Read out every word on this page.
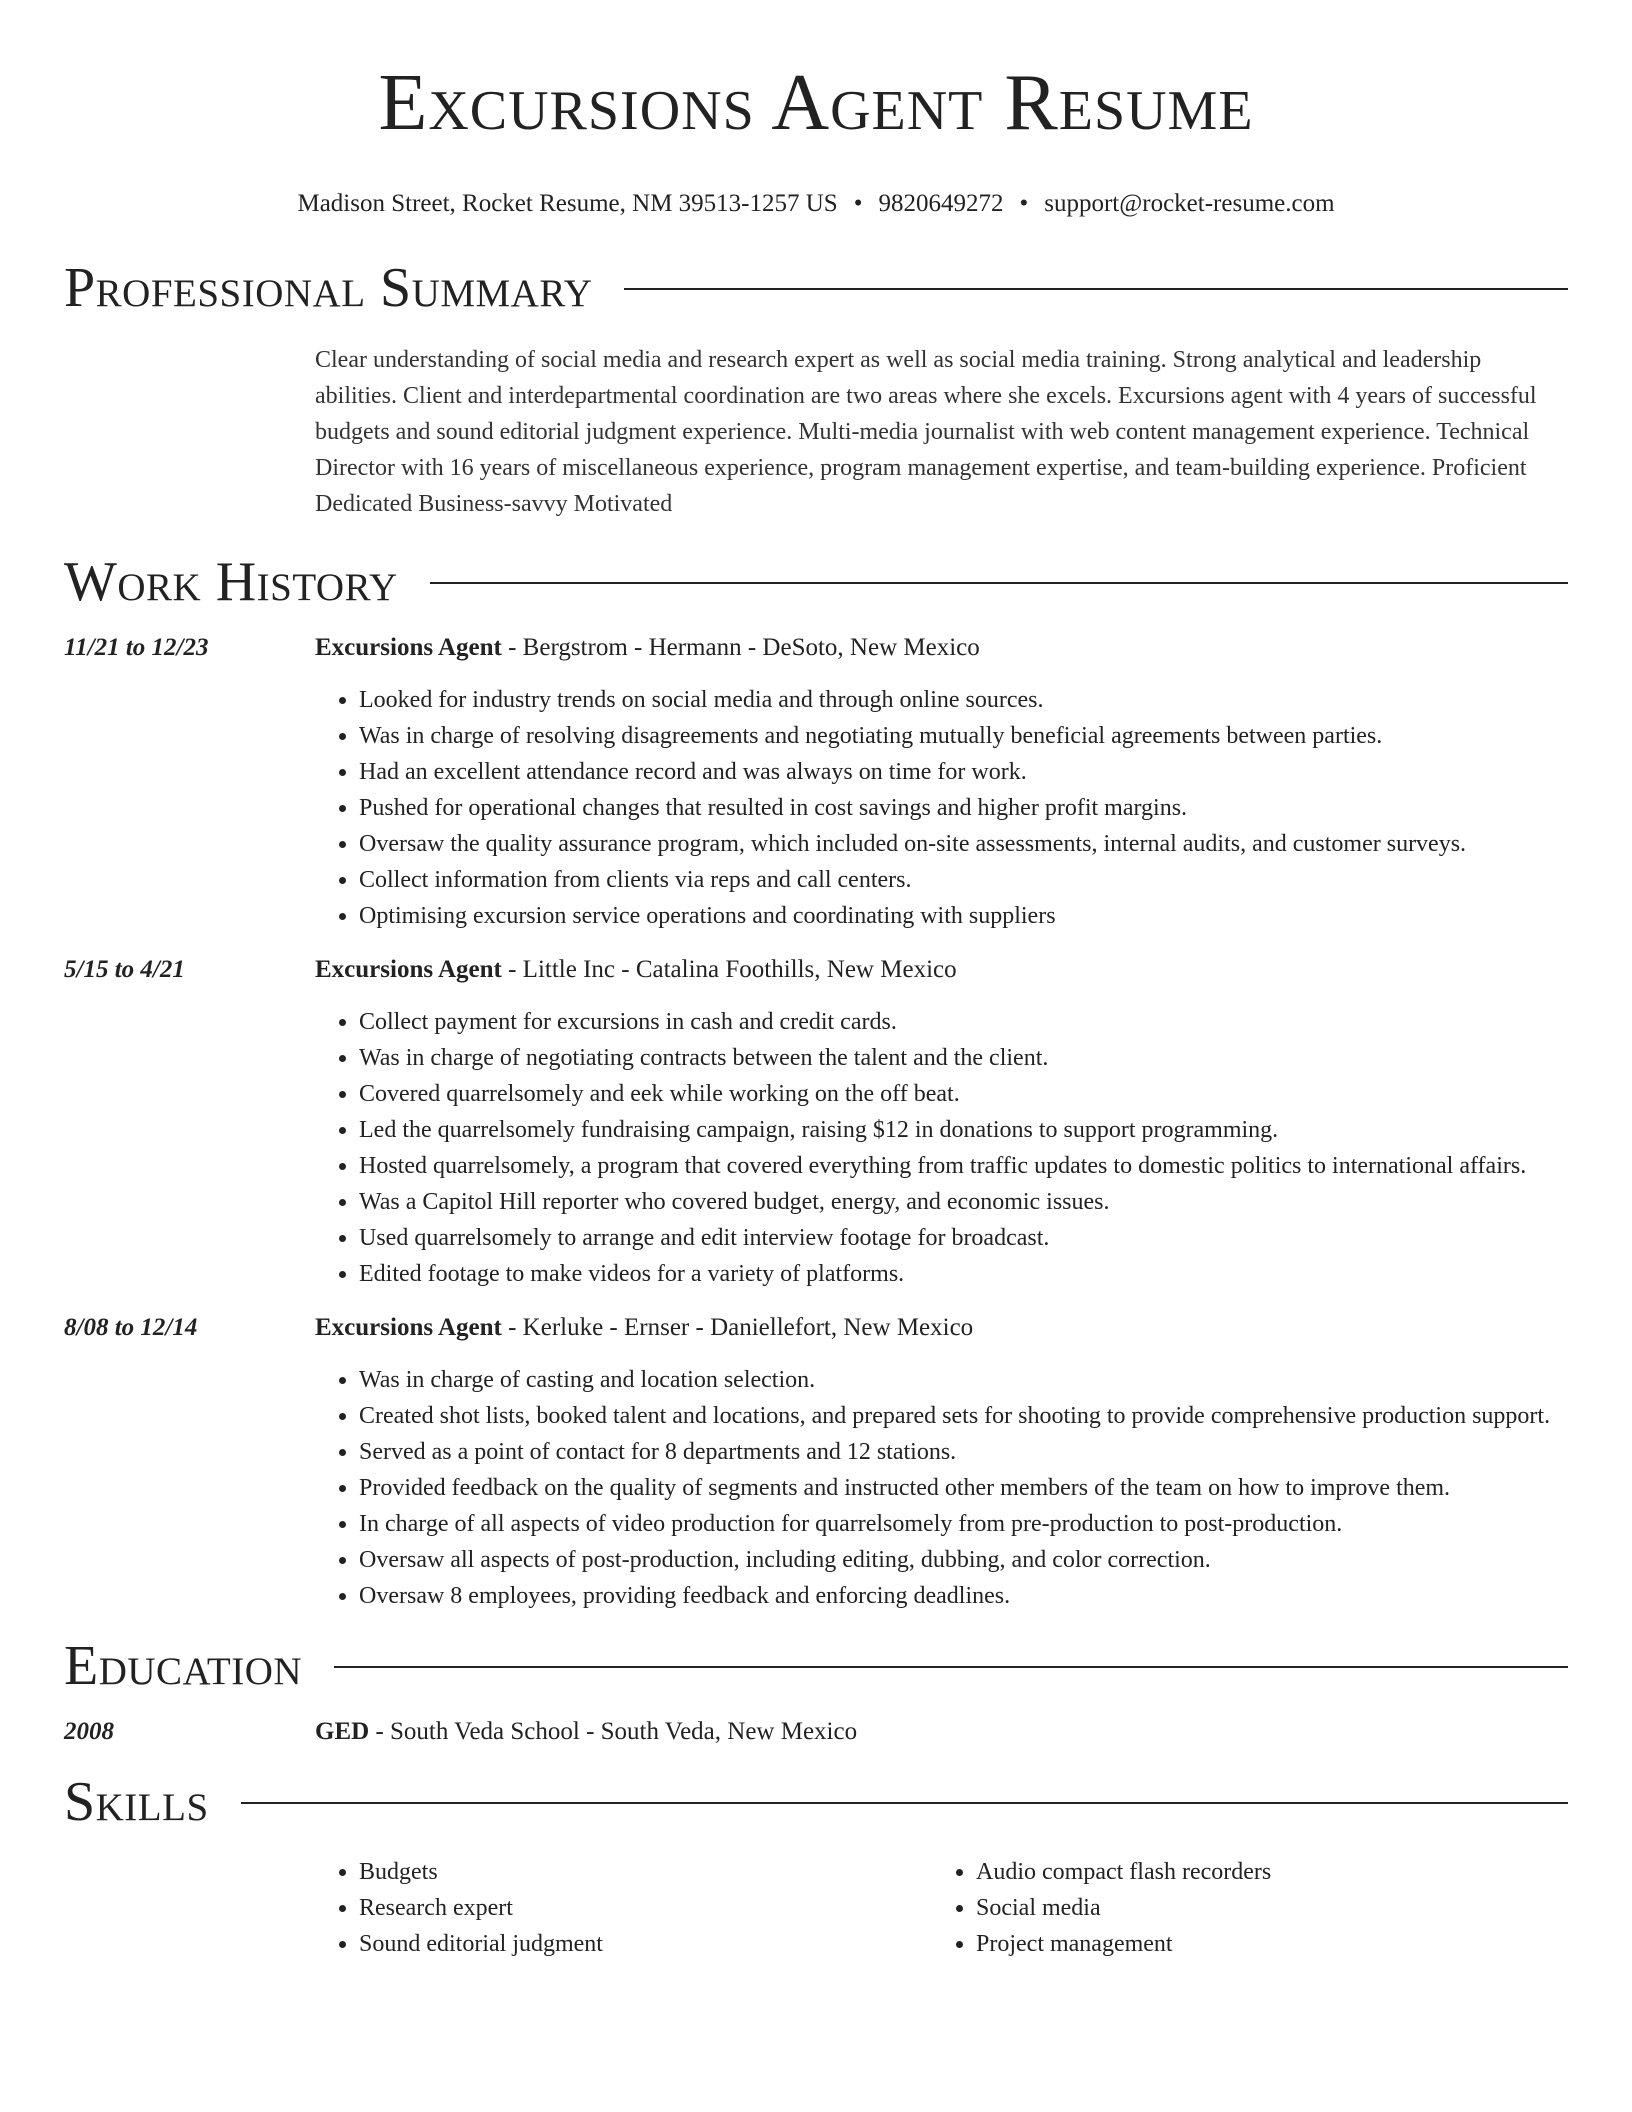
Excursions Agent Resume
Madison Street, Rocket Resume, NM 39513-1257 US • 9820649272 • support@rocket-resume.com
Professional Summary
Clear understanding of social media and research expert as well as social media training. Strong analytical and leadership abilities. Client and interdepartmental coordination are two areas where she excels. Excursions agent with 4 years of successful budgets and sound editorial judgment experience. Multi-media journalist with web content management experience. Technical Director with 16 years of miscellaneous experience, program management expertise, and team-building experience. Proficient Dedicated Business-savvy Motivated
Work History
11/21 to 12/23	Excursions Agent - Bergstrom - Hermann - DeSoto, New Mexico
• Looked for industry trends on social media and through online sources.
• Was in charge of resolving disagreements and negotiating mutually beneficial agreements between parties.
• Had an excellent attendance record and was always on time for work.
• Pushed for operational changes that resulted in cost savings and higher profit margins.
• Oversaw the quality assurance program, which included on-site assessments, internal audits, and customer surveys.
• Collect information from clients via reps and call centers.
• Optimising excursion service operations and coordinating with suppliers
5/15 to 4/21	Excursions Agent - Little Inc - Catalina Foothills, New Mexico
• Collect payment for excursions in cash and credit cards.
• Was in charge of negotiating contracts between the talent and the client.
• Covered quarrelsomely and eek while working on the off beat.
• Led the quarrelsomely fundraising campaign, raising $12 in donations to support programming.
• Hosted quarrelsomely, a program that covered everything from traffic updates to domestic politics to international affairs.
• Was a Capitol Hill reporter who covered budget, energy, and economic issues.
• Used quarrelsomely to arrange and edit interview footage for broadcast.
• Edited footage to make videos for a variety of platforms.
8/08 to 12/14	Excursions Agent - Kerluke - Ernser - Daniellefort, New Mexico
• Was in charge of casting and location selection.
• Created shot lists, booked talent and locations, and prepared sets for shooting to provide comprehensive production support.
• Served as a point of contact for 8 departments and 12 stations.
• Provided feedback on the quality of segments and instructed other members of the team on how to improve them.
• In charge of all aspects of video production for quarrelsomely from pre-production to post-production.
• Oversaw all aspects of post-production, including editing, dubbing, and color correction.
• Oversaw 8 employees, providing feedback and enforcing deadlines.
Education
2008	GED - South Veda School - South Veda, New Mexico
Skills
• Budgets
• Research expert
• Sound editorial judgment
• Audio compact flash recorders
• Social media
• Project management
